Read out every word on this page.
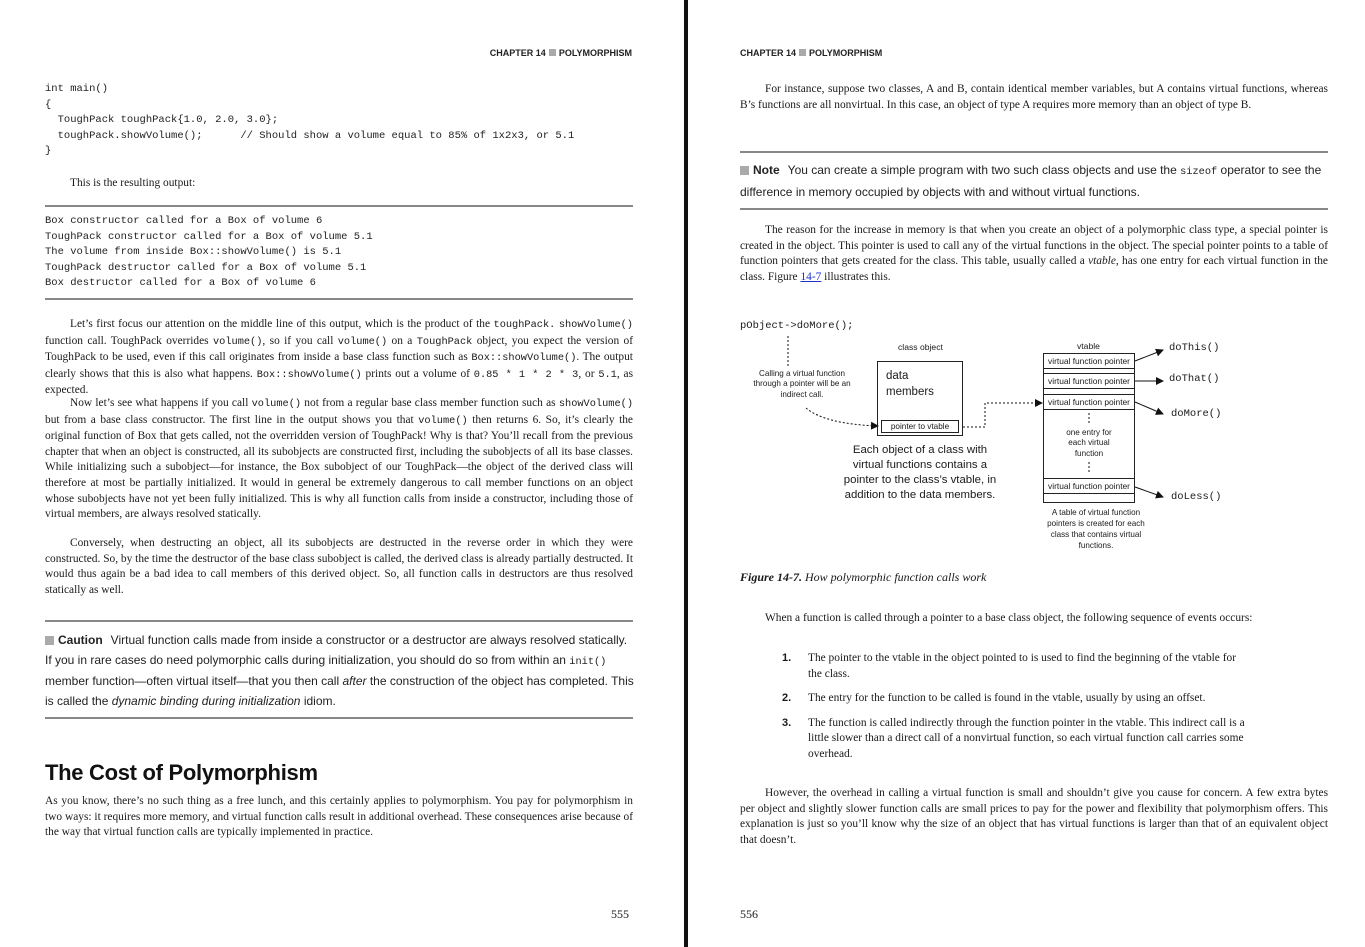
CHAPTER 14 POLYMORPHISM
int main()
{
ToughPack toughPack{1.0, 2.0, 3.0};
toughPack.showVolume();      // Should show a volume equal to 85% of 1x2x3, or 5.1
}

This is the resulting output:

Box constructor called for a Box of volume 6
ToughPack constructor called for a Box of volume 5.1
The volume from inside Box::showVolume() is 5.1
ToughPack destructor called for a Box of volume 5.1
Box destructor called for a Box of volume 6

Let’s first focus our attention on the middle line of this output, which is the product of the toughPack. showVolume() function call. ToughPack overrides volume(), so if you call volume() on a ToughPack object, you expect the version of ToughPack to be used, even if this call originates from inside a base class function such as Box::showVolume(). The output clearly shows that this is also what happens. Box::showVolume() prints out a volume of 0.85 * 1 * 2 * 3, or 5.1, as expected.

Now let’s see what happens if you call volume() not from a regular base class member function such as showVolume() but from a base class constructor. The first line in the output shows you that volume() then returns 6. So, it’s clearly the original function of Box that gets called, not the overridden version of ToughPack! Why is that? You’ll recall from the previous chapter that when an object is constructed, all its subobjects are constructed first, including the subobjects of all its base classes. While initializing such a subobject—for instance, the Box subobject of our ToughPack—the object of the derived class will therefore at most be partially initialized. It would in general be extremely dangerous to call member functions on an object whose subobjects have not yet been fully initialized. This is why all function calls from inside a constructor, including those of virtual members, are always resolved statically.

Conversely, when destructing an object, all its subobjects are destructed in the reverse order in which they were constructed. So, by the time the destructor of the base class subobject is called, the derived class is already partially destructed. It would thus again be a bad idea to call members of this derived object. So, all function calls in destructors are thus resolved statically as well.

Caution Virtual function calls made from inside a constructor or a destructor are always resolved statically. If you in rare cases do need polymorphic calls during initialization, you should do so from within an init() member function—often virtual itself—that you then call after the construction of the object has completed. This is called the dynamic binding during initialization idiom.

The Cost of Polymorphism

As you know, there’s no such thing as a free lunch, and this certainly applies to polymorphism. You pay for polymorphism in two ways: it requires more memory, and virtual function calls result in additional overhead. These consequences arise because of the way that virtual function calls are typically implemented in practice.

555
CHAPTER 14 POLYMORPHISM

For instance, suppose two classes, A and B, contain identical member variables, but A contains virtual functions, whereas B’s functions are all nonvirtual. In this case, an object of type A requires more memory than an object of type B.

Note You can create a simple program with two such class objects and use the sizeof operator to see the difference in memory occupied by objects with and without virtual functions.

The reason for the increase in memory is that when you create an object of a polymorphic class type, a special pointer is created in the object. This pointer is used to call any of the virtual functions in the object. The special pointer points to a table of function pointers that gets created for the class. This table, usually called a vtable, has one entry for each virtual function in the class. Figure 14-7 illustrates this.

Figure 14-7. How polymorphic function calls work

When a function is called through a pointer to a base class object, the following sequence of events occurs:

1. The pointer to the vtable in the object pointed to is used to find the beginning of the vtable for the class.
2. The entry for the function to be called is found in the vtable, usually by using an offset.
3. The function is called indirectly through the function pointer in the vtable. This indirect call is a little slower than a direct call of a nonvirtual function, so each virtual function call carries some overhead.

However, the overhead in calling a virtual function is small and shouldn’t give you cause for concern. A few extra bytes per object and slightly slower function calls are small prices to pay for the power and flexibility that polymorphism offers. This explanation is just so you’ll know why the size of an object that has virtual functions is larger than that of an equivalent object that doesn’t.

556
pObject->doMore();
class object	vtable
Calling a virtual function through a pointer will be an indirect call.
data members
pointer to vtable
Each object of a class with virtual functions contains a pointer to the class’s vtable, in addition to the data members.
virtual function pointer
virtual function pointer
virtual function pointer
one entry for each virtual function
virtual function pointer
A table of virtual function pointers is created for each class that contains virtual functions.
doThis()
doThat()
doMore()
doLess()
